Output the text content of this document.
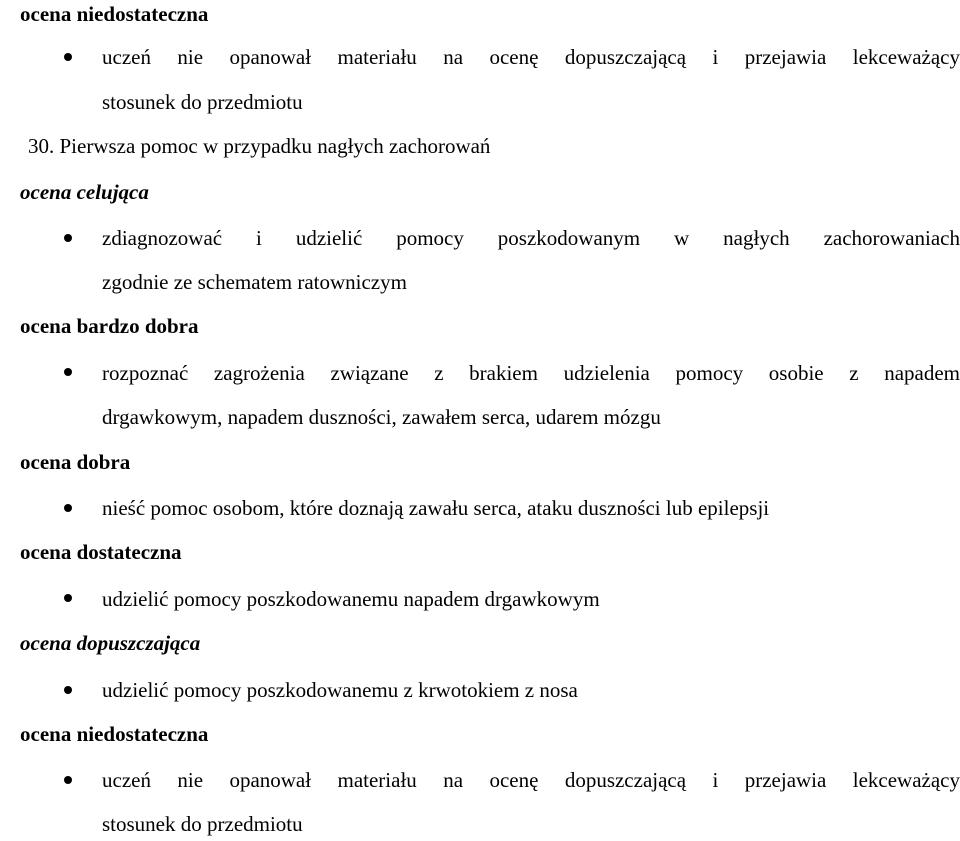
ocena niedostateczna
uczeń nie opanował materiału na ocenę dopuszczającą i przejawia lekceważący
stosunek do przedmiotu
30. Pierwsza pomoc w przypadku nagłych zachorowań
ocena celująca
zdiagnozować i udzielić pomocy poszkodowanym w nagłych zachorowaniach
zgodnie ze schematem ratowniczym
ocena bardzo dobra
rozpoznać zagrożenia związane z brakiem udzielenia pomocy osobie z napadem
drgawkowym, napadem duszności, zawałem serca, udarem mózgu
ocena dobra
nieść pomoc osobom, które doznają zawału serca, ataku duszności lub epilepsji
ocena dostateczna
udzielić pomocy poszkodowanemu napadem drgawkowym
ocena dopuszczająca
udzielić pomocy poszkodowanemu z krwotokiem z nosa
ocena niedostateczna
uczeń nie opanował materiału na ocenę dopuszczającą i przejawia lekceważący
stosunek do przedmiotu
